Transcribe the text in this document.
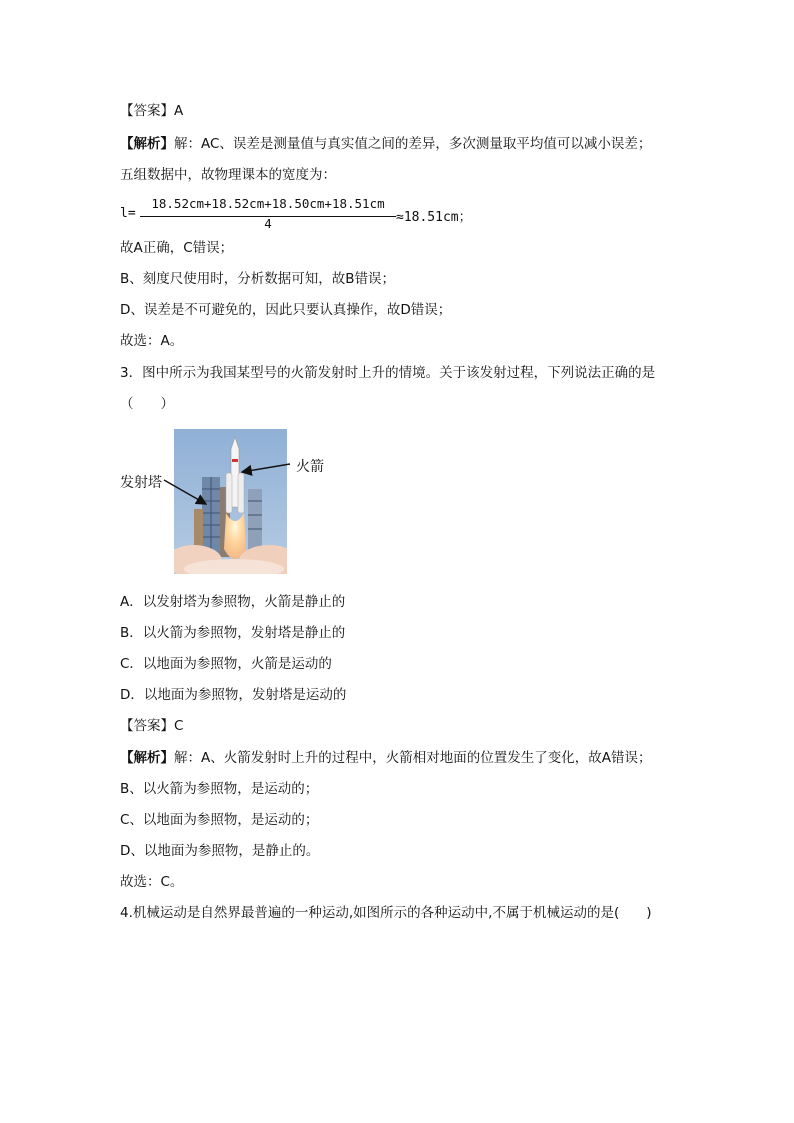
【答案】A
【解析】解：AC、误差是测量值与真实值之间的差异，多次测量取平均值可以减小误差；
五组数据中，故物理课本的宽度为：
l=
18.52cm+18.52cm+18.50cm+18.51cm
4	≈18.51cm；
故A正确，C错误；
B、刻度尺使用时，分析数据可知，故B错误；
D、误差是不可避免的，因此只要认真操作，故D错误；
故选：A。
3．图中所示为我国某型号的火箭发射时上升的情境。关于该发射过程，下列说法正确的是
（　　）
发射塔
火箭
A．以发射塔为参照物，火箭是静止的
B．以火箭为参照物，发射塔是静止的
C．以地面为参照物，火箭是运动的
D．以地面为参照物，发射塔是运动的
【答案】C
【解析】解：A、火箭发射时上升的过程中，火箭相对地面的位置发生了变化，故A错误；
B、以火箭为参照物，是运动的；
C、以地面为参照物，是运动的；
D、以地面为参照物，是静止的。
故选：C。
4.机械运动是自然界最普遍的一种运动,如图所示的各种运动中,不属于机械运动的是(　　)
